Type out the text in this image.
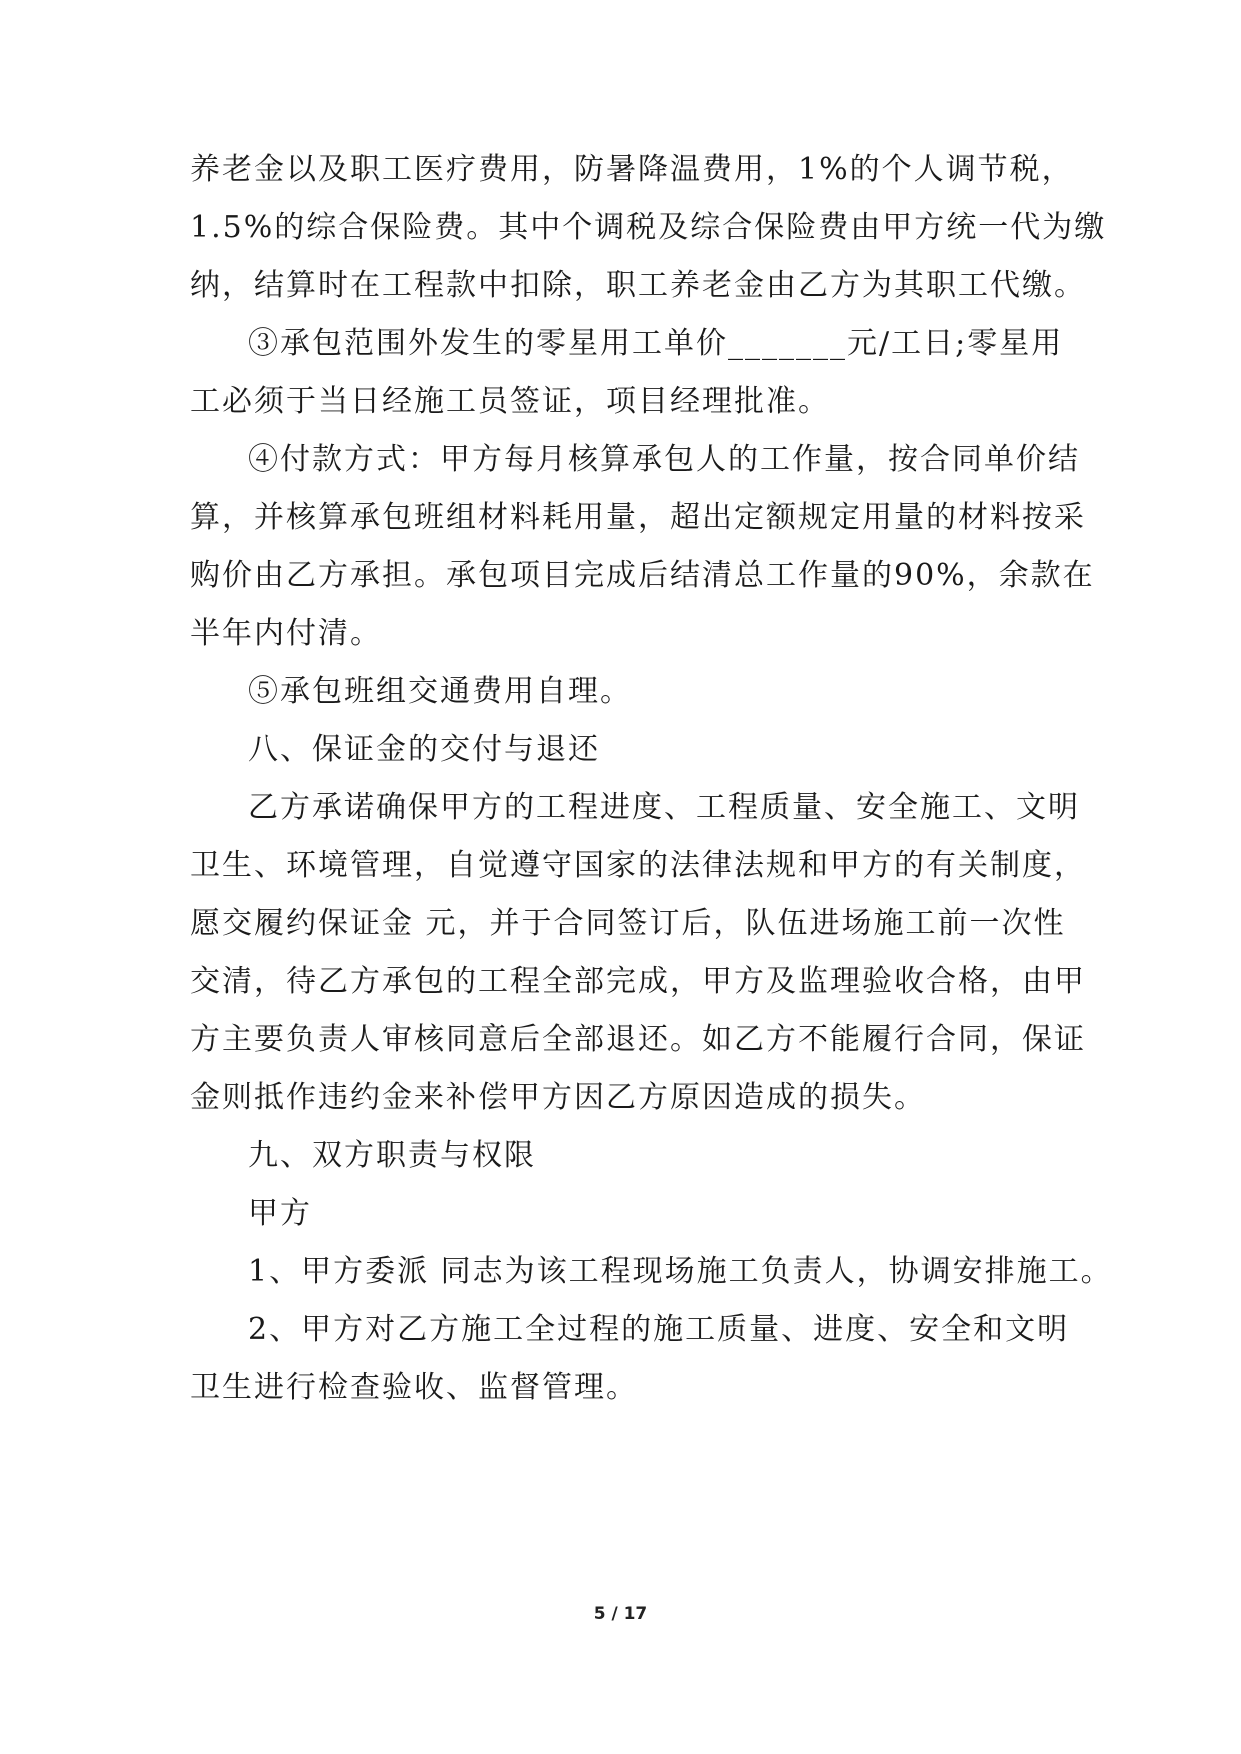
养老金以及职工医疗费用，防暑降温费用，1%的个人调节税，
1.5%的综合保险费。其中个调税及综合保险费由甲方统一代为缴
纳，结算时在工程款中扣除，职工养老金由乙方为其职工代缴。
③承包范围外发生的零星用工单价_______元/工日;零星用
工必须于当日经施工员签证，项目经理批准。
④付款方式：甲方每月核算承包人的工作量，按合同单价结
算，并核算承包班组材料耗用量，超出定额规定用量的材料按采
购价由乙方承担。承包项目完成后结清总工作量的90%，余款在
半年内付清。
⑤承包班组交通费用自理。
八、保证金的交付与退还
乙方承诺确保甲方的工程进度、工程质量、安全施工、文明
卫生、环境管理，自觉遵守国家的法律法规和甲方的有关制度，
愿交履约保证金 元，并于合同签订后，队伍进场施工前一次性
交清，待乙方承包的工程全部完成，甲方及监理验收合格，由甲
方主要负责人审核同意后全部退还。如乙方不能履行合同，保证
金则抵作违约金来补偿甲方因乙方原因造成的损失。
九、双方职责与权限
甲方
1、甲方委派 同志为该工程现场施工负责人，协调安排施工。
2、甲方对乙方施工全过程的施工质量、进度、安全和文明
卫生进行检查验收、监督管理。
5 / 17
